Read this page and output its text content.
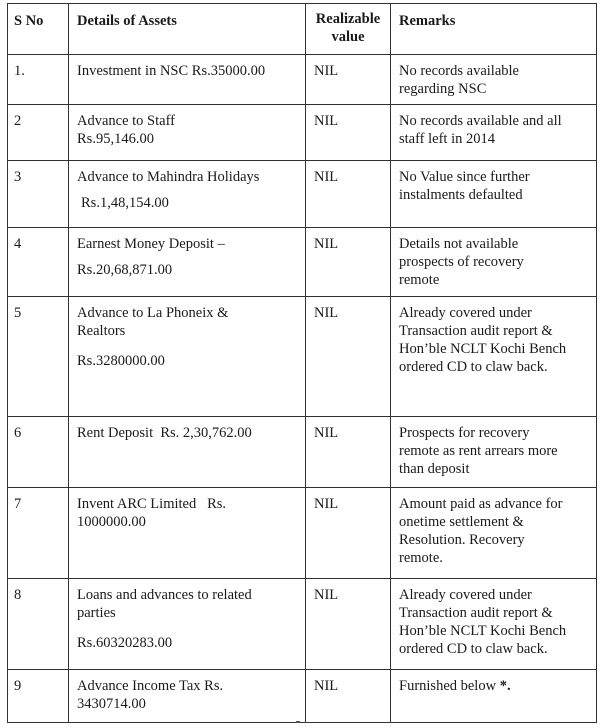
S No	Details of Assets	Realizable
value	Remarks
1.	Investment in NSC Rs.35000.00	NIL	No records available
regarding NSC

2	Advance to Staff
Rs.95,146.00	NIL	No records available and all
staff left in 2014

3	Advance to Mahindra Holidays
Rs.1,48,154.00	NIL	No Value since further
instalments defaulted

4	Earnest Money Deposit –
Rs.20,68,871.00	NIL	Details not available
prospects of recovery
remote

5	Advance to La Phoneix &
Realtors
Rs.3280000.00	NIL	Already covered under
Transaction audit report &
Hon’ble NCLT Kochi Bench
ordered CD to claw back.

6	Rent Deposit  Rs. 2,30,762.00	NIL	Prospects for recovery
remote as rent arrears more
than deposit

7	Invent ARC Limited   Rs.
1000000.00	NIL	Amount paid as advance for
onetime settlement &
Resolution. Recovery
remote.

8	Loans and advances to related
parties
Rs.60320283.00	NIL	Already covered under
Transaction audit report &
Hon’ble NCLT Kochi Bench
ordered CD to claw back.

9	Advance Income Tax Rs.
3430714.00	NIL	Furnished below *.
